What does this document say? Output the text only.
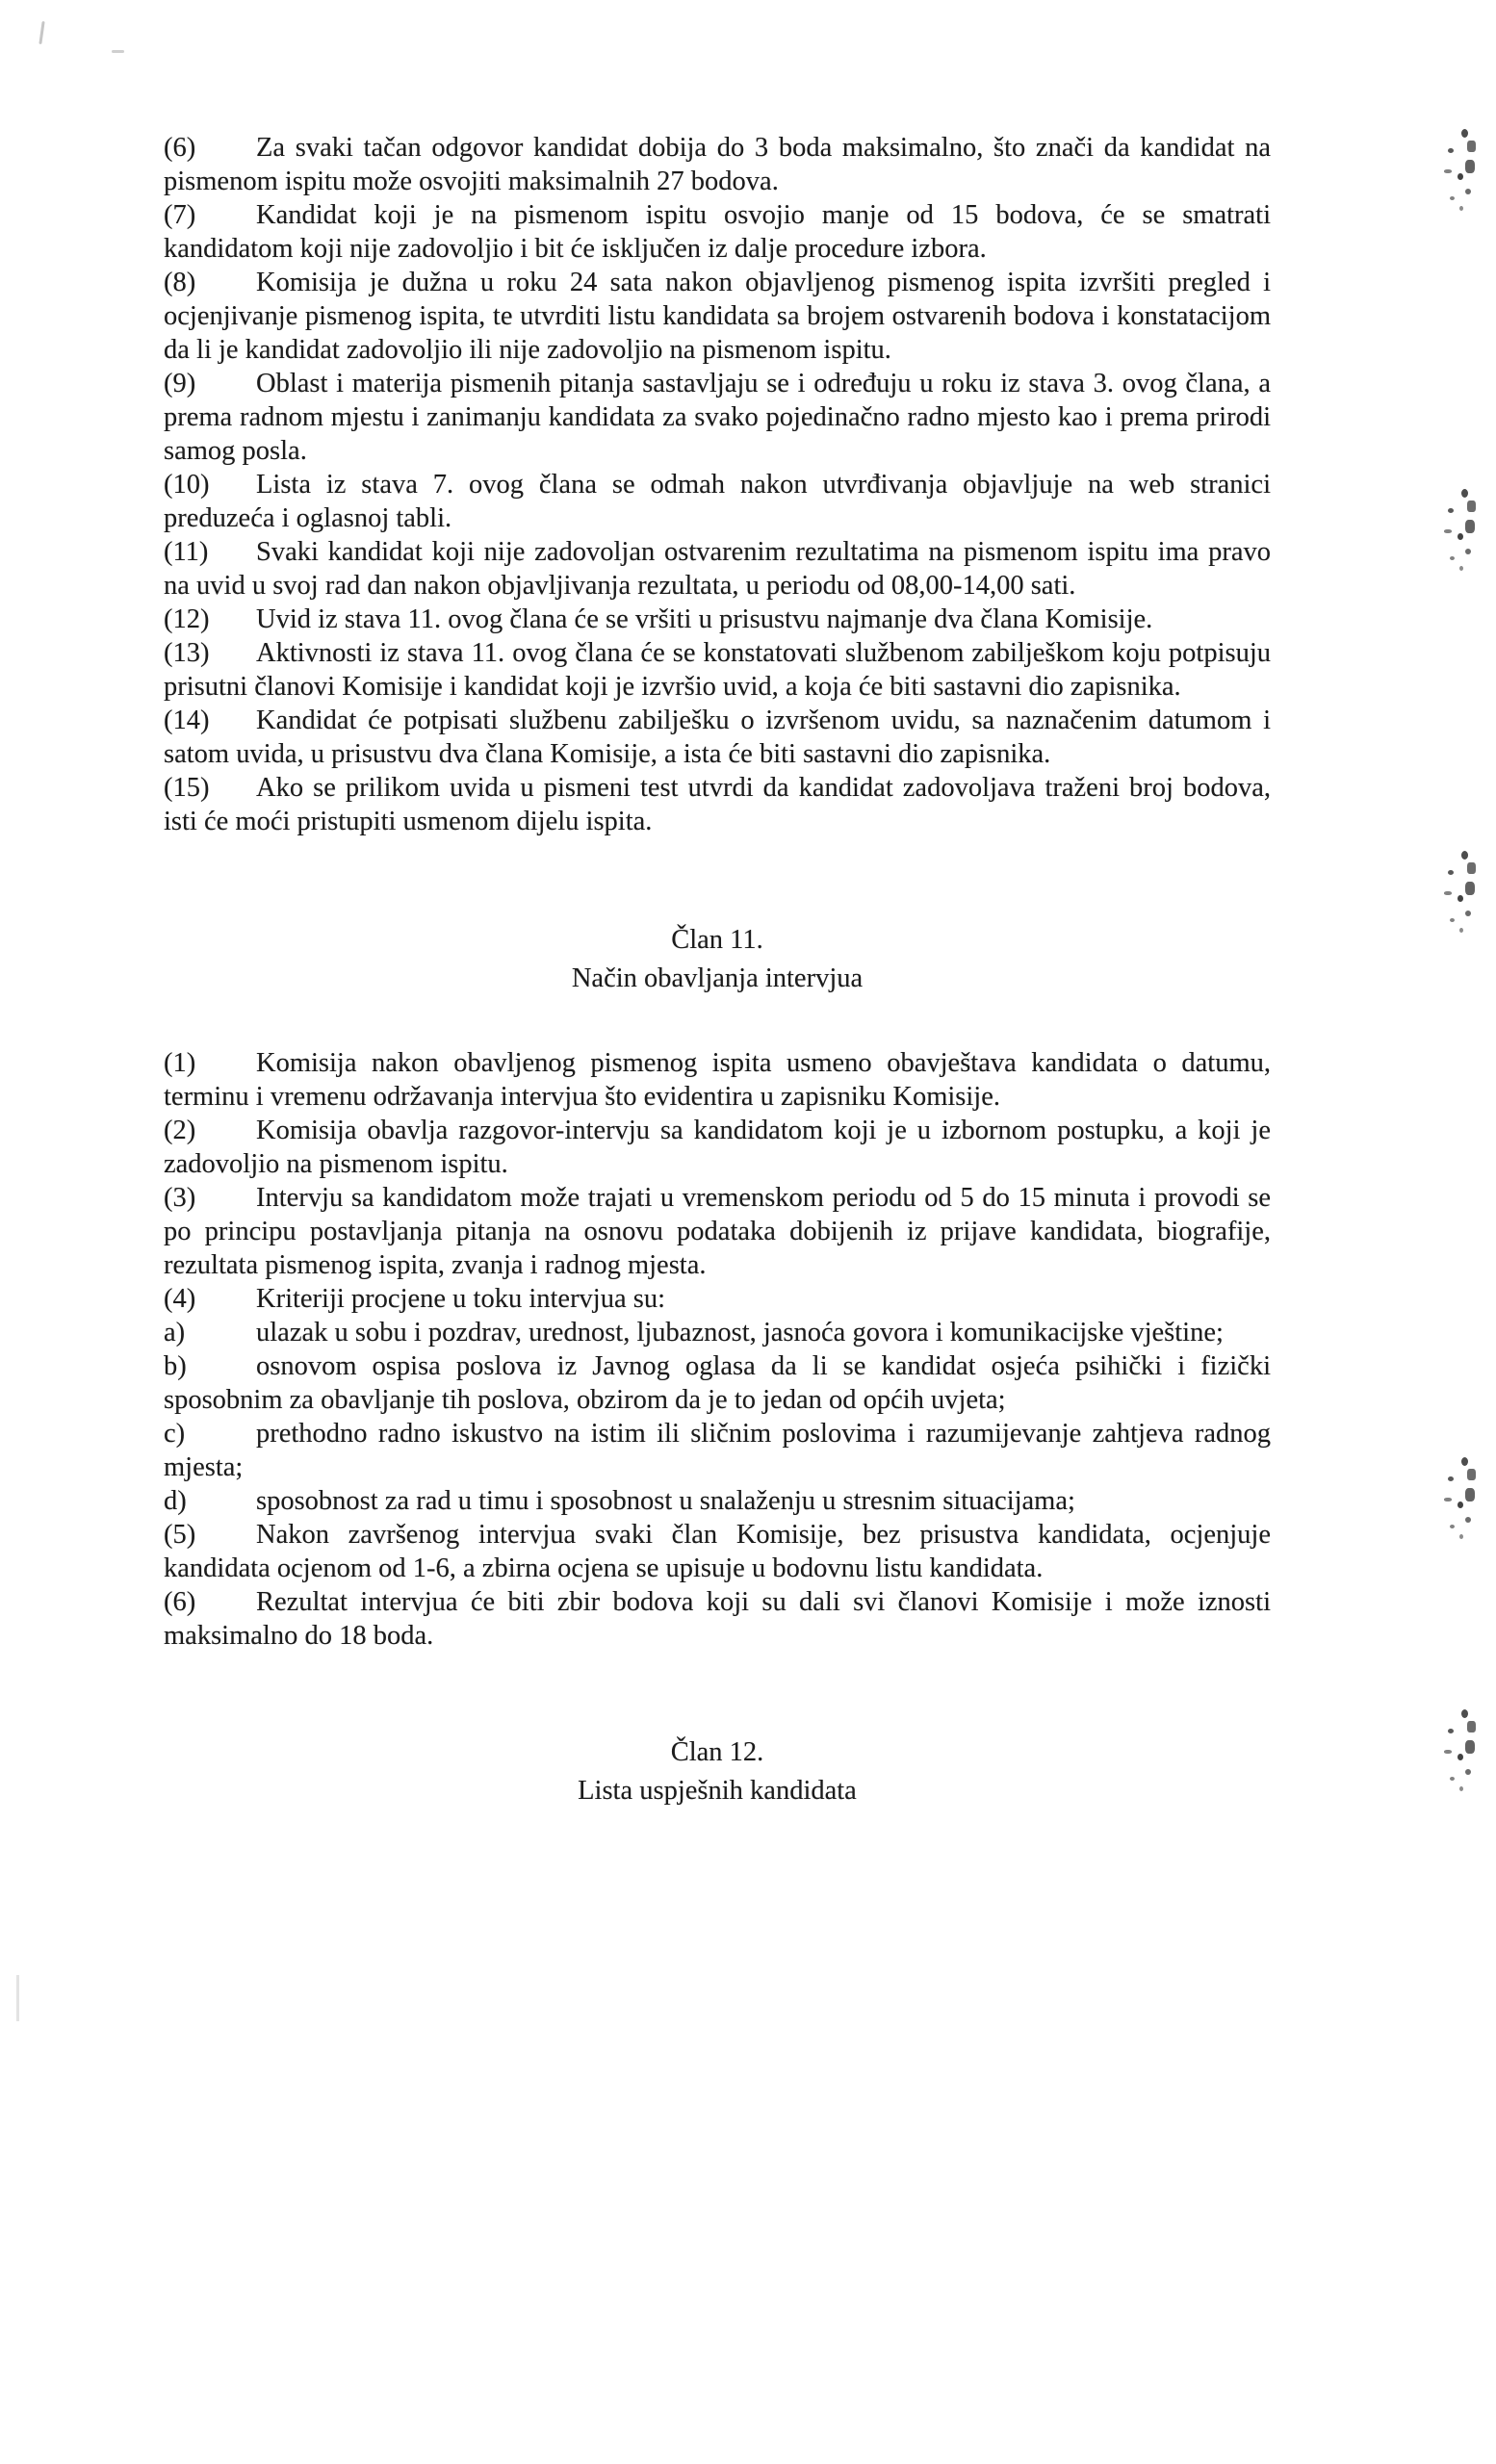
(6) Za svaki tačan odgovor kandidat dobija do 3 boda maksimalno, što znači da kandidat na pismenom ispitu može osvojiti maksimalnih 27 bodova.

(7) Kandidat koji je na pismenom ispitu osvojio manje od 15 bodova, će se smatrati kandidatom koji nije zadovoljio i bit će isključen iz dalje procedure izbora.

(8) Komisija je dužna u roku 24 sata nakon objavljenog pismenog ispita izvršiti pregled i ocjenjivanje pismenog ispita, te utvrditi listu kandidata sa brojem ostvarenih bodova i konstatacijom da li je kandidat zadovoljio ili nije zadovoljio na pismenom ispitu.

(9) Oblast i materija pismenih pitanja sastavljaju se i određuju u roku iz stava 3. ovog člana, a prema radnom mjestu i zanimanju kandidata za svako pojedinačno radno mjesto kao i prema prirodi samog posla.

(10) Lista iz stava 7. ovog člana se odmah nakon utvrđivanja objavljuje na web stranici preduzeća i oglasnoj tabli.

(11) Svaki kandidat koji nije zadovoljan ostvarenim rezultatima na pismenom ispitu ima pravo na uvid u svoj rad dan nakon objavljivanja rezultata, u periodu od 08,00-14,00 sati.

(12) Uvid iz stava 11. ovog člana će se vršiti u prisustvu najmanje dva člana Komisije.

(13) Aktivnosti iz stava 11. ovog člana će se konstatovati službenom zabilješkom koju potpisuju prisutni članovi Komisije i kandidat koji je izvršio uvid, a koja će biti sastavni dio zapisnika.

(14) Kandidat će potpisati službenu zabilješku o izvršenom uvidu, sa naznačenim datumom i satom uvida, u prisustvu dva člana Komisije, a ista će biti sastavni dio zapisnika.

(15) Ako se prilikom uvida u pismeni test utvrdi da kandidat zadovoljava traženi broj bodova, isti će moći pristupiti usmenom dijelu ispita.

Član 11.
Način obavljanja intervjua

(1) Komisija nakon obavljenog pismenog ispita usmeno obavještava kandidata o datumu, terminu i vremenu održavanja intervjua što evidentira u zapisniku Komisije.

(2) Komisija obavlja razgovor-intervju sa kandidatom koji je u izbornom postupku, a koji je zadovoljio na pismenom ispitu.

(3) Intervju sa kandidatom može trajati u vremenskom periodu od 5 do 15 minuta i provodi se po principu postavljanja pitanja na osnovu podataka dobijenih iz prijave kandidata, biografije, rezultata pismenog ispita, zvanja i radnog mjesta.

(4) Kriteriji procjene u toku intervjua su:

a)	ulazak u sobu i pozdrav, urednost, ljubaznost, jasnoća govora i komunikacijske vještine;

b)	osnovom ospisa poslova iz Javnog oglasa da li se kandidat osjeća psihički i fizički sposobnim za obavljanje tih poslova, obzirom da je to jedan od općih uvjeta;

c)	prethodno radno iskustvo na istim ili sličnim poslovima i razumijevanje zahtjeva radnog mjesta;

d)	sposobnost za rad u timu i sposobnost u snalaženju u stresnim situacijama;

(5) Nakon završenog intervjua svaki član Komisije, bez prisustva kandidata, ocjenjuje kandidata ocjenom od 1-6, a zbirna ocjena se upisuje u bodovnu listu kandidata.

(6) Rezultat intervjua će biti zbir bodova koji su dali svi članovi Komisije i može iznosti maksimalno do 18 boda.

Član 12.
Lista uspješnih kandidata
